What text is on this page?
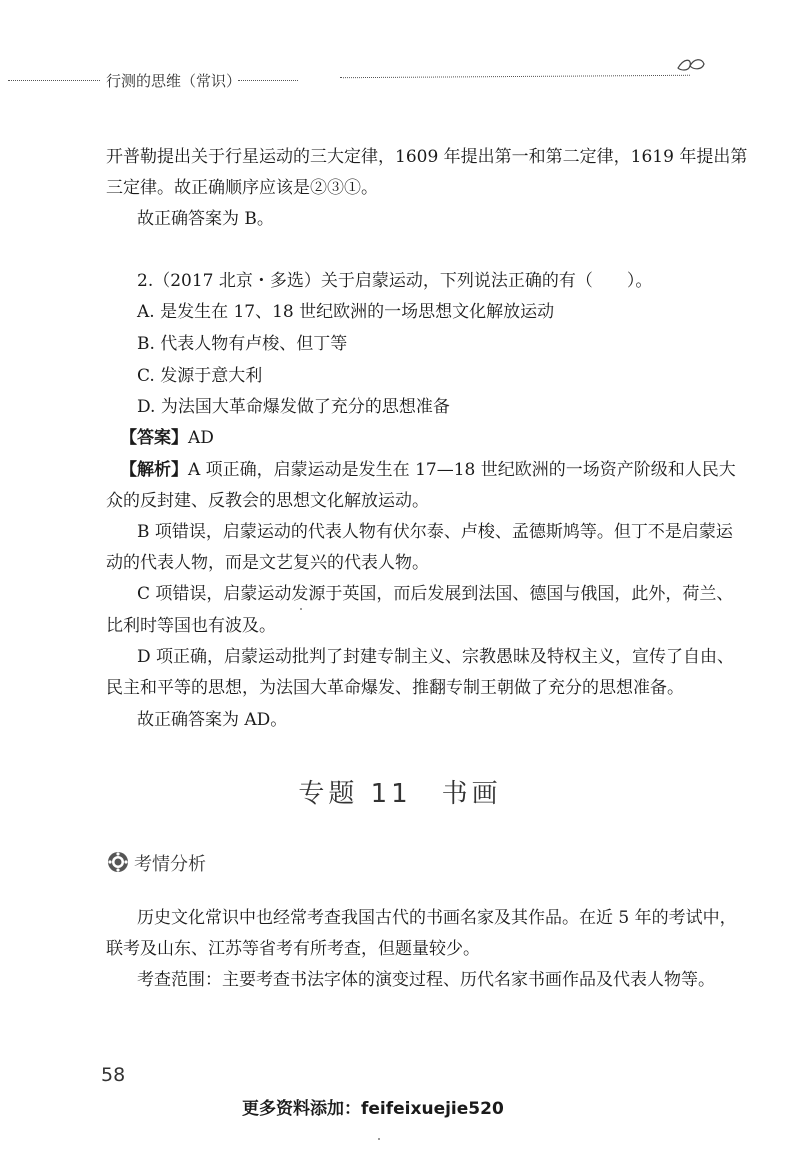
行测的思维（常识）
开普勒提出关于行星运动的三大定律，1609 年提出第一和第二定律，1619 年提出第
三定律。故正确顺序应该是②③①。
故正确答案为 B。
2.（2017 北京・多选）关于启蒙运动，下列说法正确的有（　　）。
A. 是发生在 17、18 世纪欧洲的一场思想文化解放运动
B. 代表人物有卢梭、但丁等
C. 发源于意大利
D. 为法国大革命爆发做了充分的思想准备
【答案】AD
【解析】A 项正确，启蒙运动是发生在 17—18 世纪欧洲的一场资产阶级和人民大
众的反封建、反教会的思想文化解放运动。
B 项错误，启蒙运动的代表人物有伏尔泰、卢梭、孟德斯鸠等。但丁不是启蒙运
动的代表人物，而是文艺复兴的代表人物。
C 项错误，启蒙运动发源于英国，而后发展到法国、德国与俄国，此外，荷兰、
比利时等国也有波及。
D 项正确，启蒙运动批判了封建专制主义、宗教愚昧及特权主义，宣传了自由、
民主和平等的思想，为法国大革命爆发、推翻专制王朝做了充分的思想准备。
故正确答案为 AD。
专题 11　书画
考情分析
历史文化常识中也经常考查我国古代的书画名家及其作品。在近 5 年的考试中，
联考及山东、江苏等省考有所考查，但题量较少。
考查范围：主要考查书法字体的演变过程、历代名家书画作品及代表人物等。
58
更多资料添加：feifeixuejie520
